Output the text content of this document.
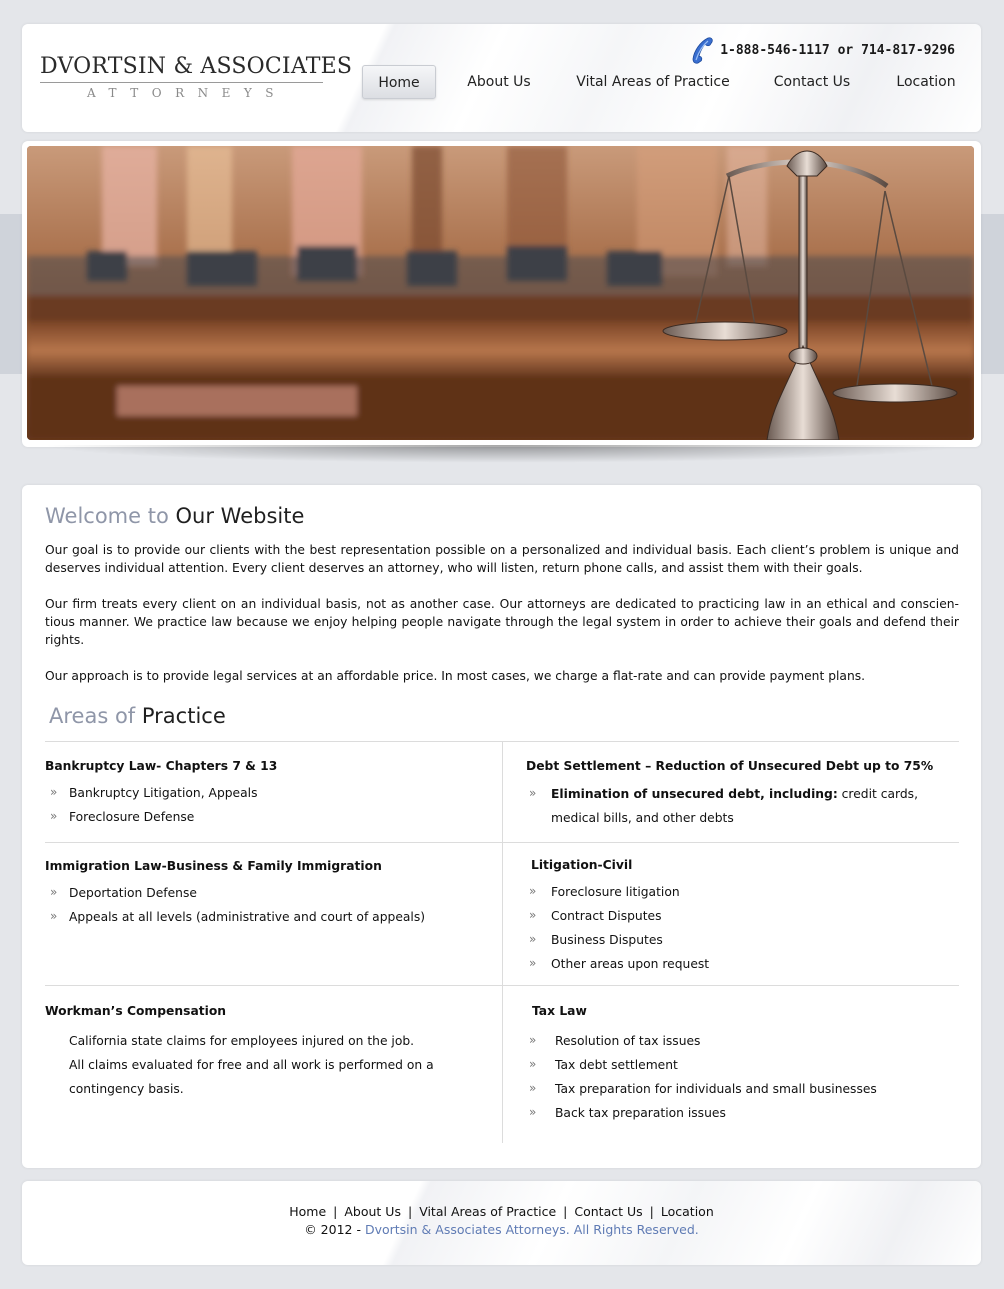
DVORTSIN & ASSOCIATES
ATTORNEYS
1-888-546-1117 or 714-817-9296
Home	About Us	Vital Areas of Practice	Contact Us	Location
Welcome to Our Website

Our goal is to provide our clients with the best representation possible on a personalized and individual basis. Each client’s problem is unique and deserves individual attention. Every client deserves an attorney, who will listen, return phone calls, and assist them with their goals.

Our firm treats every client on an individual basis, not as another case. Our attorneys are dedicated to practicing law in an ethical and conscien-tious manner. We practice law because we enjoy helping people navigate through the legal system in order to achieve their goals and defend their rights.

Our approach is to provide legal services at an affordable price. In most cases, we charge a flat-rate and can provide payment plans.

Areas of Practice
Bankruptcy Law- Chapters 7 & 13
» Bankruptcy Litigation, Appeals
» Foreclosure Defense
Debt Settlement – Reduction of Unsecured Debt up to 75%
» Elimination of unsecured debt, including: credit cards,
medical bills, and other debts
Immigration Law-Business & Family Immigration
» Deportation Defense
» Appeals at all levels (administrative and court of appeals)
Litigation-Civil
» Foreclosure litigation
» Contract Disputes
» Business Disputes
» Other areas upon request
Workman’s Compensation
California state claims for employees injured on the job.
All claims evaluated for free and all work is performed on a
contingency basis.
Tax Law
» Resolution of tax issues
» Tax debt settlement
» Tax preparation for individuals and small businesses
» Back tax preparation issues
Home | About Us | Vital Areas of Practice | Contact Us | Location
© 2012 - Dvortsin & Associates Attorneys. All Rights Reserved.
